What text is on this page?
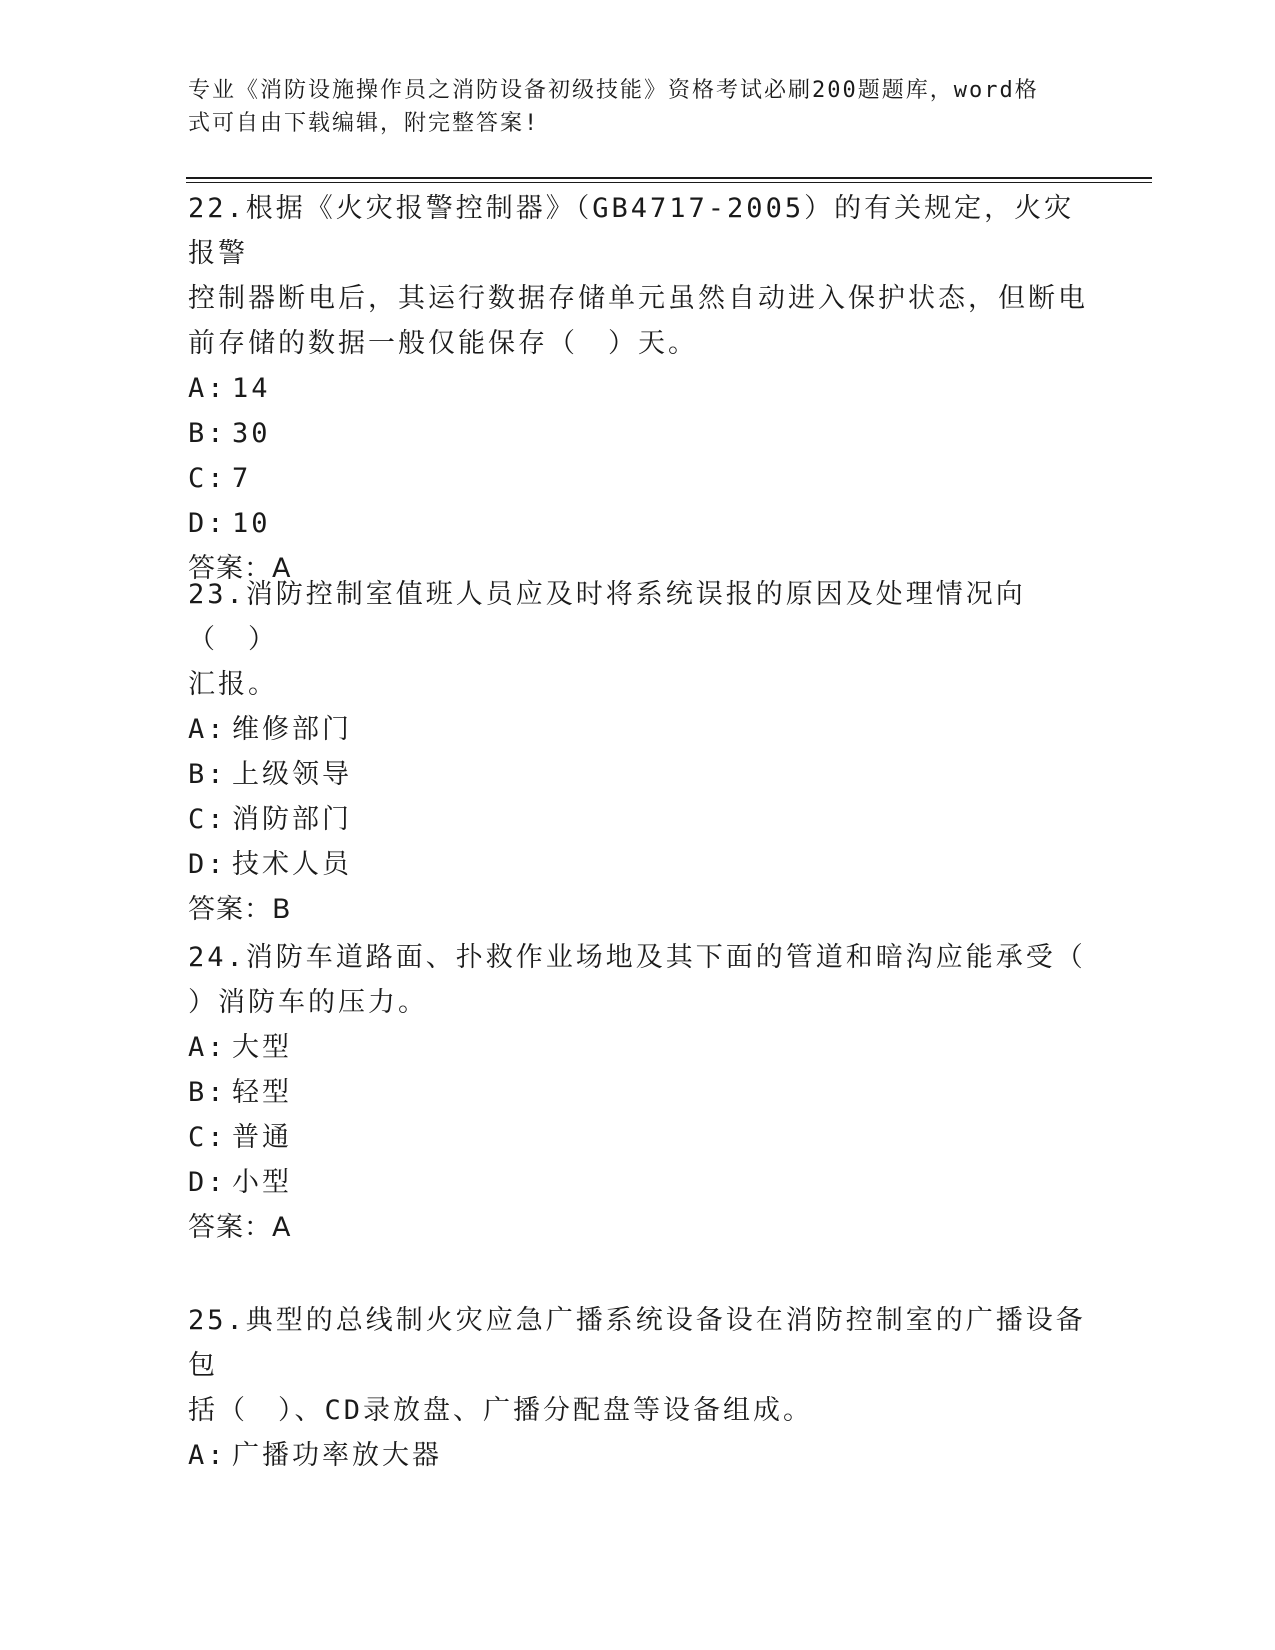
专业《消防设施操作员之消防设备初级技能》资格考试必刷200题题库，word格
式可自由下载编辑，附完整答案!
22.根据《火灾报警控制器》（GB4717-2005）的有关规定，火灾报警
控制器断电后，其运行数据存储单元虽然自动进入保护状态，但断电
前存储的数据一般仅能保存（　）天。
A: 14
B: 30
C: 7
D: 10
答案：A
23.消防控制室值班人员应及时将系统误报的原因及处理情况向（　）
汇报。
A: 维修部门
B: 上级领导
C: 消防部门
D: 技术人员
答案：B
24.消防车道路面、扑救作业场地及其下面的管道和暗沟应能承受（
）消防车的压力。
A: 大型
B: 轻型
C: 普通
D: 小型
答案：A
25.典型的总线制火灾应急广播系统设备设在消防控制室的广播设备包
括（　）、CD录放盘、广播分配盘等设备组成。
A: 广播功率放大器
